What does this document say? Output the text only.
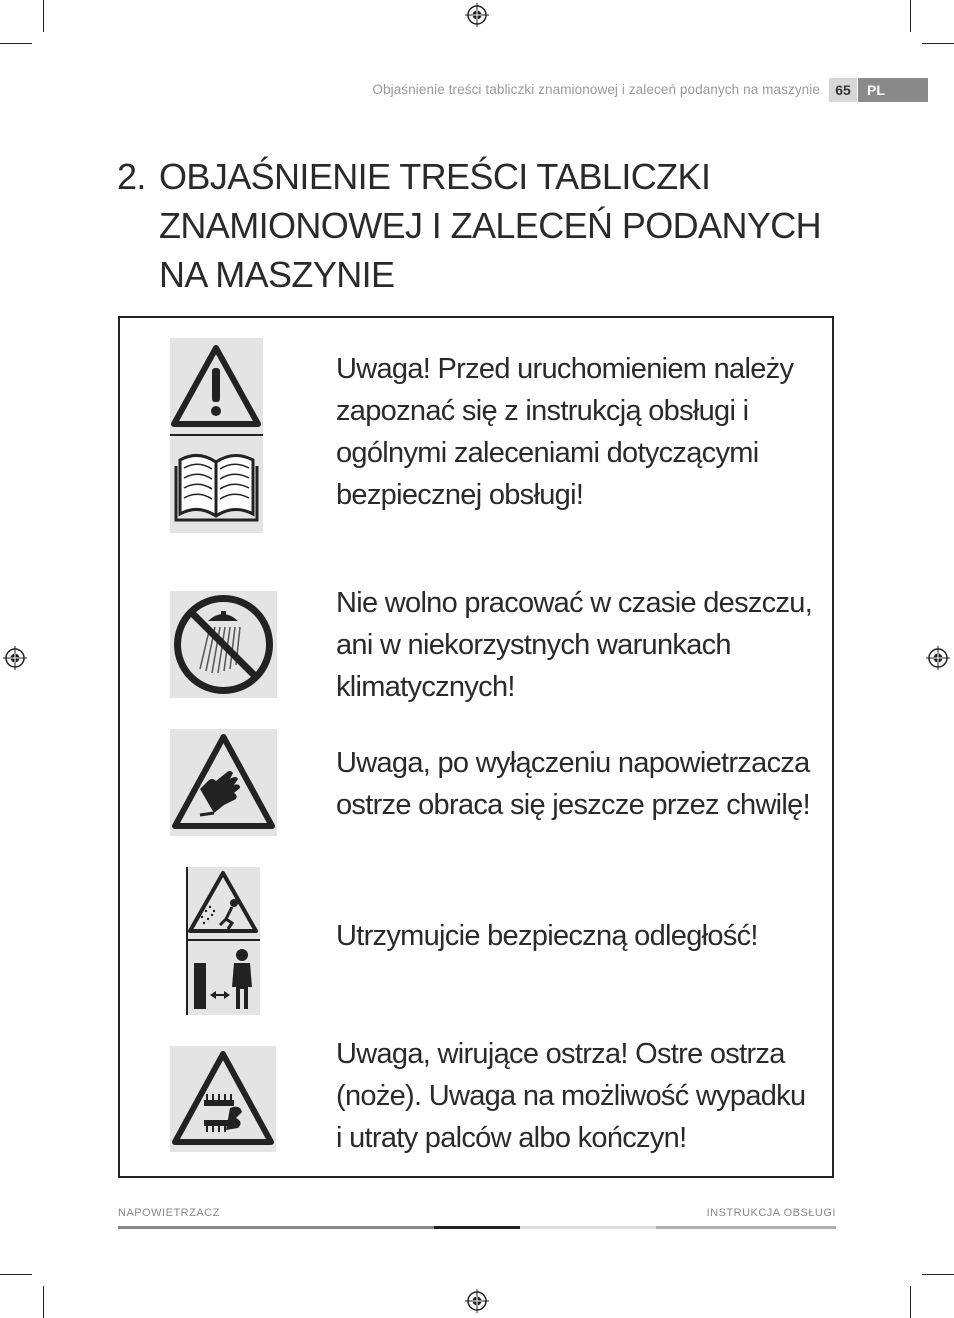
Objaśnienie treści tabliczki znamionowej i zaleceń podanych na maszynie	65	PL
2. OBJAŚNIENIE TREŚCI TABLICZKI
ZNAMIONOWEJ I ZALECEŃ PODANYCH
NA MASZYNIE
Uwaga! Przed uruchomieniem należy
zapoznać się z instrukcją obsługi i
ogólnymi zaleceniami dotyczącymi
bezpiecznej obsługi!
Nie wolno pracować w czasie deszczu,
ani w niekorzystnych warunkach
klimatycznych!
Uwaga, po wyłączeniu napowietrzacza
ostrze obraca się jeszcze przez chwilę!
Utrzymujcie bezpieczną odległość!
Uwaga, wirujące ostrza! Ostre ostrza
(noże). Uwaga na możliwość wypadku
i utraty palców albo kończyn!
NAPOWIETRZACZ	INSTRUKCJA OBSŁUGI
